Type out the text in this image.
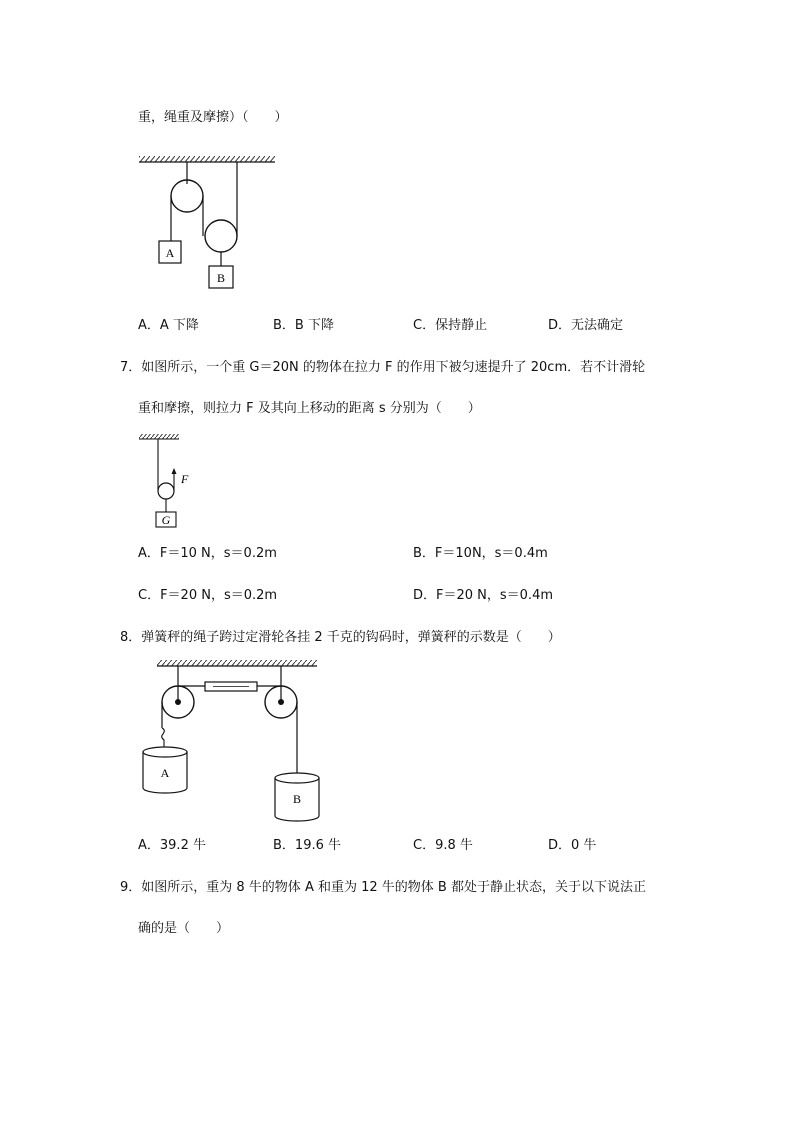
重，绳重及摩擦）（　　）
A
B
A．A 下降	B．B 下降	C．保持静止	D．无法确定
7．如图所示，一个重 G＝20N 的物体在拉力 F 的作用下被匀速提升了 20cm．若不计滑轮
重和摩擦，则拉力 F 及其向上移动的距离 s 分别为（　　）
F
G
A．F＝10 N，s＝0.2m	B．F＝10N，s＝0.4m
C．F＝20 N，s＝0.2m	D．F＝20 N，s＝0.4m
8．弹簧秤的绳子跨过定滑轮各挂 2 千克的钩码时，弹簧秤的示数是（　　）
A
B
A．39.2 牛	B．19.6 牛	C．9.8 牛	D．0 牛
9．如图所示，重为 8 牛的物体 A 和重为 12 牛的物体 B 都处于静止状态，关于以下说法正
确的是（　　）
